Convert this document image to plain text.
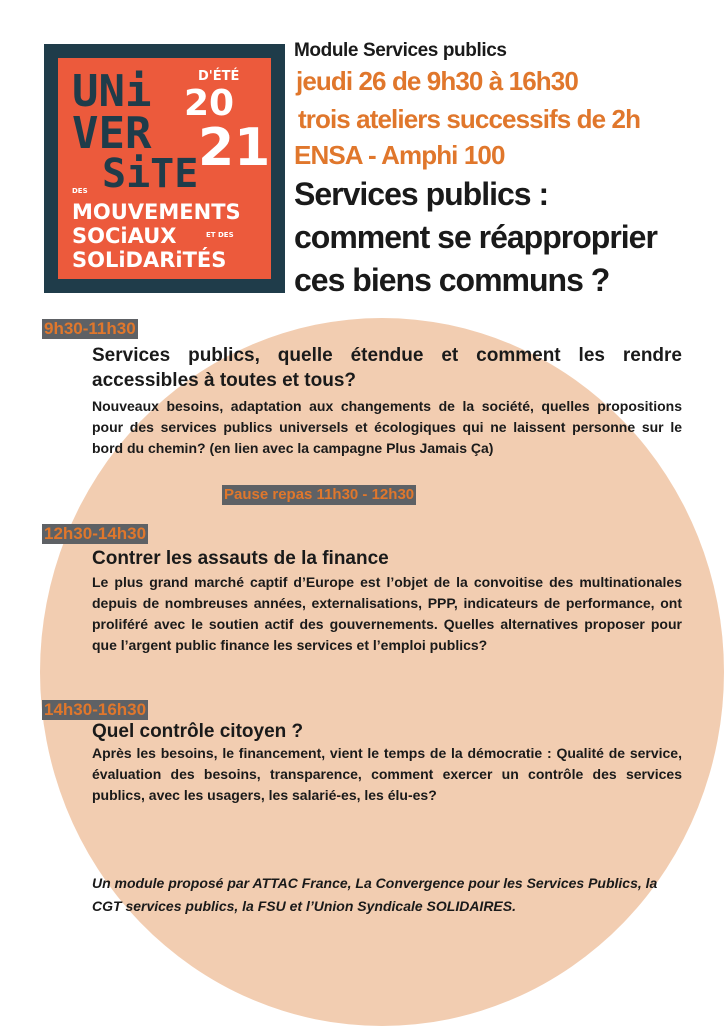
UNi
VER
SiTE
D'ÉTÉ
20
21
DES
MOUVEMENTS
SOCiAUX	ET DES
SOLiDARiTÉS
Module Services publics
jeudi 26 de 9h30 à 16h30
trois ateliers successifs de 2h
ENSA - Amphi 100
Services publics :
comment se réapproprier
ces biens communs ?
9h30-11h30
Services publics, quelle étendue et comment les rendre accessibles à toutes et tous?
Nouveaux besoins, adaptation aux changements de la société, quelles propositions pour des services publics universels et écologiques qui ne laissent personne sur le bord du chemin? (en lien avec la campagne Plus Jamais Ça)
Pause repas 11h30 - 12h30
12h30-14h30
Contrer les assauts de la finance
Le plus grand marché captif d’Europe est l’objet de la convoitise des multinationales depuis de nombreuses années, externalisations, PPP, indicateurs de performance, ont proliféré avec le soutien actif des gouvernements. Quelles alternatives proposer pour que l’argent public finance les services et l’emploi publics?
14h30-16h30
Quel contrôle citoyen ?
Après les besoins, le financement, vient le temps de la démocratie : Qualité de service, évaluation des besoins, transparence, comment exercer un contrôle des services publics, avec les usagers, les salarié-es, les élu-es?
Un module proposé par ATTAC France, La Convergence pour les Services Publics, la CGT services publics, la FSU et l’Union Syndicale SOLIDAIRES.
